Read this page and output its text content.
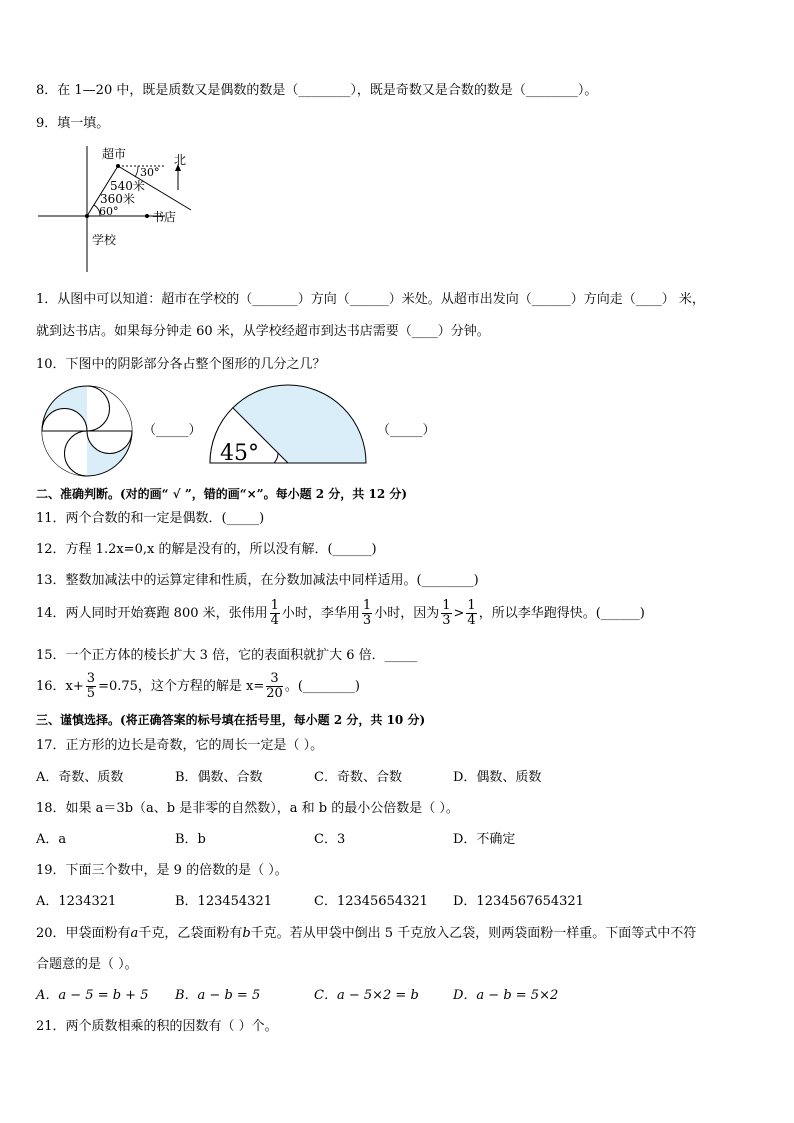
8．在 1—20 中，既是质数又是偶数的数是（________），既是奇数又是合数的数是（________）。
9．填一填。
超市	北
30°
540米
360米
60°	书店
学校
1．从图中可以知道：超市在学校的（_______）方向（______）米处。从超市出发向（______）方向走（____） 米，
就到达书店。如果每分钟走 60 米，从学校经超市到达书店需要（____）分钟。
10．下图中的阴影部分各占整个图形的几分之几？
（_____）
45°
（_____）
二、准确判断。(对的画“ √ ”，错的画“×”。每小题 2 分，共 12 分)
11．两个合数的和一定是偶数．(_____)
12．方程 1.2x=0,x 的解是没有的，所以没有解．(______)
13．整数加减法中的运算定律和性质，在分数加减法中同样适用。(________)
14．两人同时开始赛跑 800 米，张伟用 $\frac{1}{4}$ 小时，李华用 $\frac{1}{3}$ 小时，因为 $\frac{1}{3} > \frac{1}{4}$ ，所以李华跑得快。(______)
15．一个正方体的棱长扩大 3 倍，它的表面积就扩大 6 倍．_____
16．$x+ \frac{3}{5} =0.75$，这个方程的解是 $x= \frac{3}{20}$ 。(________)
三、谨慎选择。(将正确答案的标号填在括号里，每小题 2 分，共 10 分)
17．正方形的边长是奇数，它的周长一定是（ ）。
A．奇数、质数	B．偶数、合数	C．奇数、合数	D．偶数、质数
18．如果 a＝3b（a、b 是非零的自然数），a 和 b 的最小公倍数是（ ）。
A．a	B．b	C．3	D．不确定
19．下面三个数中，是 9 的倍数的是（ ）。
A．1234321	B．123454321	C．12345654321 D．1234567654321
20．甲袋面粉有a千克，乙袋面粉有b千克。若从甲袋中倒出 5 千克放入乙袋，则两袋面粉一样重。下面等式中不符
合题意的是（ ）。
A．a − 5 = b + 5 B．a − b = 5	C．a − 5×2 = b	D．a − b = 5×2
21．两个质数相乘的积的因数有（ ）个。
